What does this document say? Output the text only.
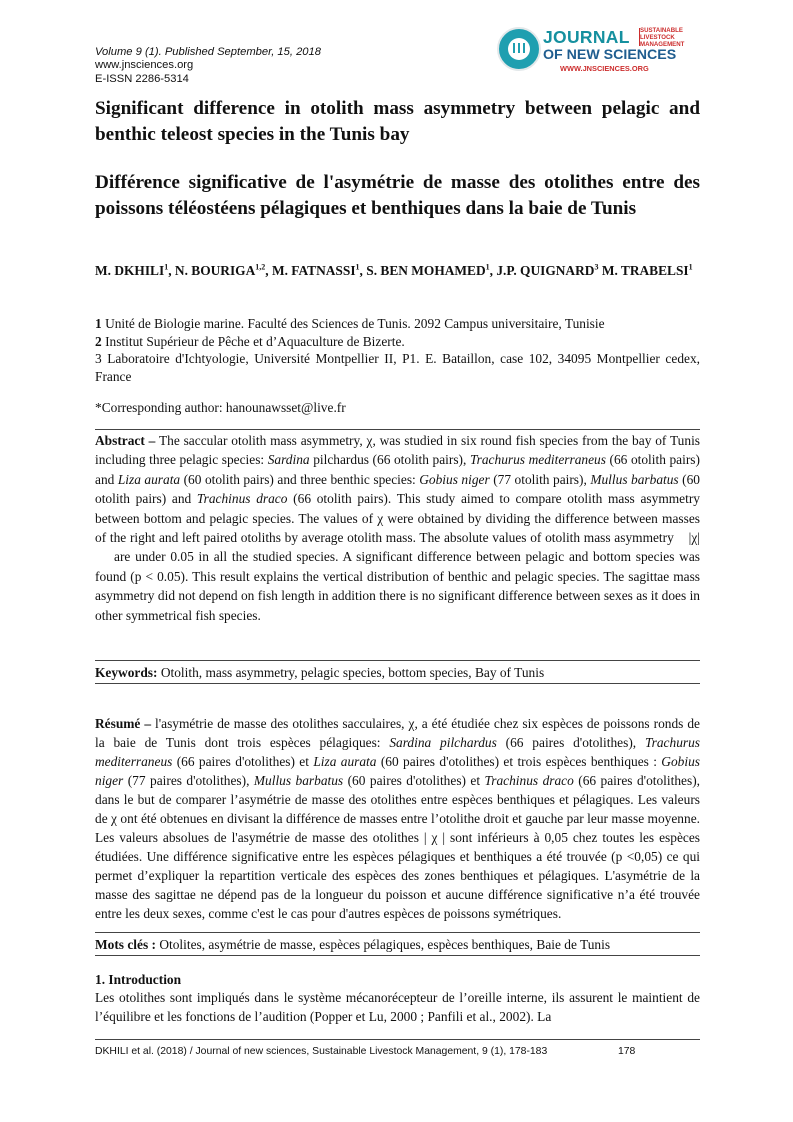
Volume 9 (1). Published September, 15, 2018
www.jnsciences.org
E-ISSN 2286-5314
JOURNAL SUSTAINABLE
LIVESTOCK
MANAGEMENT
OF NEW SCIENCES
WWW.JNSCIENCES.ORG
Significant difference in otolith mass asymmetry between pelagic and benthic teleost species in the Tunis bay
Différence significative de l'asymétrie de masse des otolithes entre des poissons téléostéens pélagiques et benthiques dans la baie de Tunis
M. DKHILI$^1$, N. BOURIGA$^{1,2}$, M. FATNASSI$^1$, S. BEN MOHAMED$^1$, J.P. QUIGNARD$^3$ M. TRABELSI$^1$
1 Unité de Biologie marine. Faculté des Sciences de Tunis. 2092 Campus universitaire, Tunisie
2 Institut Supérieur de Pêche et d’Aquaculture de Bizerte.
3 Laboratoire d'Ichtyologie, Université Montpellier II, P1. E. Bataillon, case 102, 34095 Montpellier cedex, France
*Corresponding author: hanounawsset@live.fr
Abstract – The saccular otolith mass asymmetry, χ, was studied in six round fish species from the bay of Tunis including three pelagic species: Sardina pilchardus (66 otolith pairs), Trachurus mediterraneus (66 otolith pairs) and Liza aurata (60 otolith pairs) and three benthic species: Gobius niger (77 otolith pairs), Mullus barbatus (60 otolith pairs) and Trachinus draco (66 otolith pairs). This study aimed to compare otolith mass asymmetry between bottom and pelagic species. The values of χ were obtained by dividing the difference between masses of the right and left paired otoliths by average otolith mass. The absolute values of otolith mass asymmetry    |χ|    are under 0.05 in all the studied species. A significant difference between pelagic and bottom species was found (p < 0.05). This result explains the vertical distribution of benthic and pelagic species. The sagittae mass asymmetry did not depend on fish length in addition there is no significant difference between sexes as it does in other symmetrical fish species.
Keywords: Otolith, mass asymmetry, pelagic species, bottom species, Bay of Tunis
Résumé – l'asymétrie de masse des otolithes sacculaires, χ, a été étudiée chez six espèces de poissons ronds de la baie de Tunis dont trois espèces pélagiques: Sardina pilchardus (66 paires d'otolithes), Trachurus mediterraneus (66 paires d'otolithes) et Liza aurata (60 paires d'otolithes) et trois espèces benthiques : Gobius niger (77 paires d'otolithes), Mullus barbatus (60 paires d'otolithes) et Trachinus draco (66 paires d'otolithes), dans le but de comparer l’asymétrie de masse des otolithes entre espèces benthiques et pélagiques. Les valeurs de χ ont été obtenues en divisant la différence de masses entre l’otolithe droit et gauche par leur masse moyenne. Les valeurs absolues de l'asymétrie de masse des otolithes | χ | sont inférieurs à 0,05 chez toutes les espèces étudiées. Une différence significative entre les espèces pélagiques et benthiques a été trouvée (p <0,05) ce qui permet d’expliquer la repartition verticale des espèces des zones benthiques et pélagiques. L'asymétrie de la masse des sagittae ne dépend pas de la longueur du poisson et aucune différence significative n’a été trouvée entre les deux sexes, comme c'est le cas pour d'autres espèces de poissons symétriques.
Mots clés : Otolites, asymétrie de masse, espèces pélagiques, espèces benthiques, Baie de Tunis
1. Introduction
Les otolithes sont impliqués dans le système mécanorécepteur de l’oreille interne, ils assurent le maintient de l’équilibre et les fonctions de l’audition (Popper et Lu, 2000 ; Panfili et al., 2002). La
DKHILI et al. (2018) / Journal of new sciences, Sustainable Livestock Management, 9 (1), 178-183	178
